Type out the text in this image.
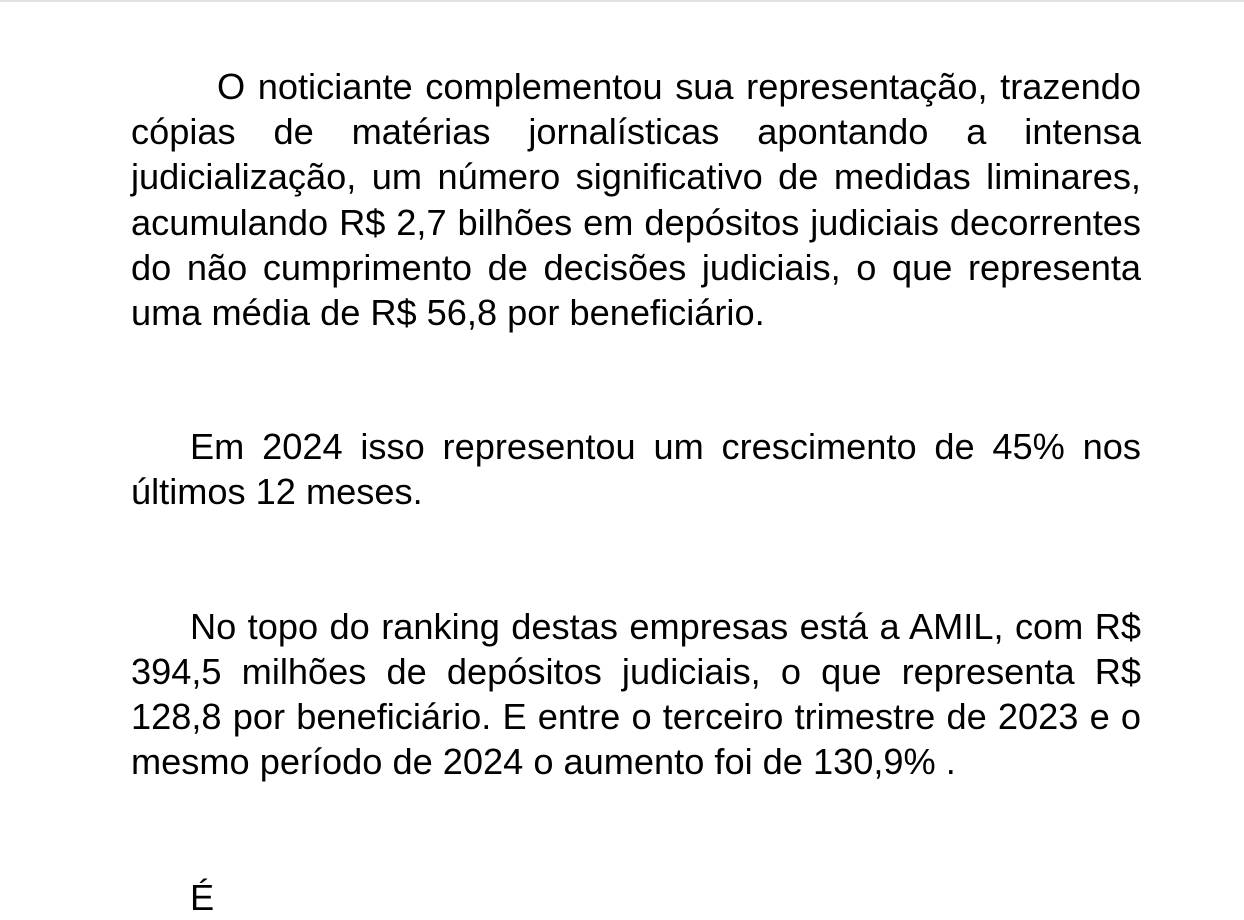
O noticiante complementou sua representação, trazendo cópias de matérias jornalísticas apontando a intensa judicialização, um número significativo de medidas liminares, acumulando R$ 2,7 bilhões em depósitos judiciais decorrentes do não cumprimento de decisões judiciais, o que representa uma média de R$ 56,8 por beneficiário.

Em 2024 isso representou um crescimento de 45% nos últimos 12 meses.

No topo do ranking destas empresas está a AMIL, com R$ 394,5 milhões de depósitos judiciais, o que representa R$ 128,8 por beneficiário. E entre o terceiro trimestre de 2023 e o mesmo período de 2024 o aumento foi de 130,9% .

É
